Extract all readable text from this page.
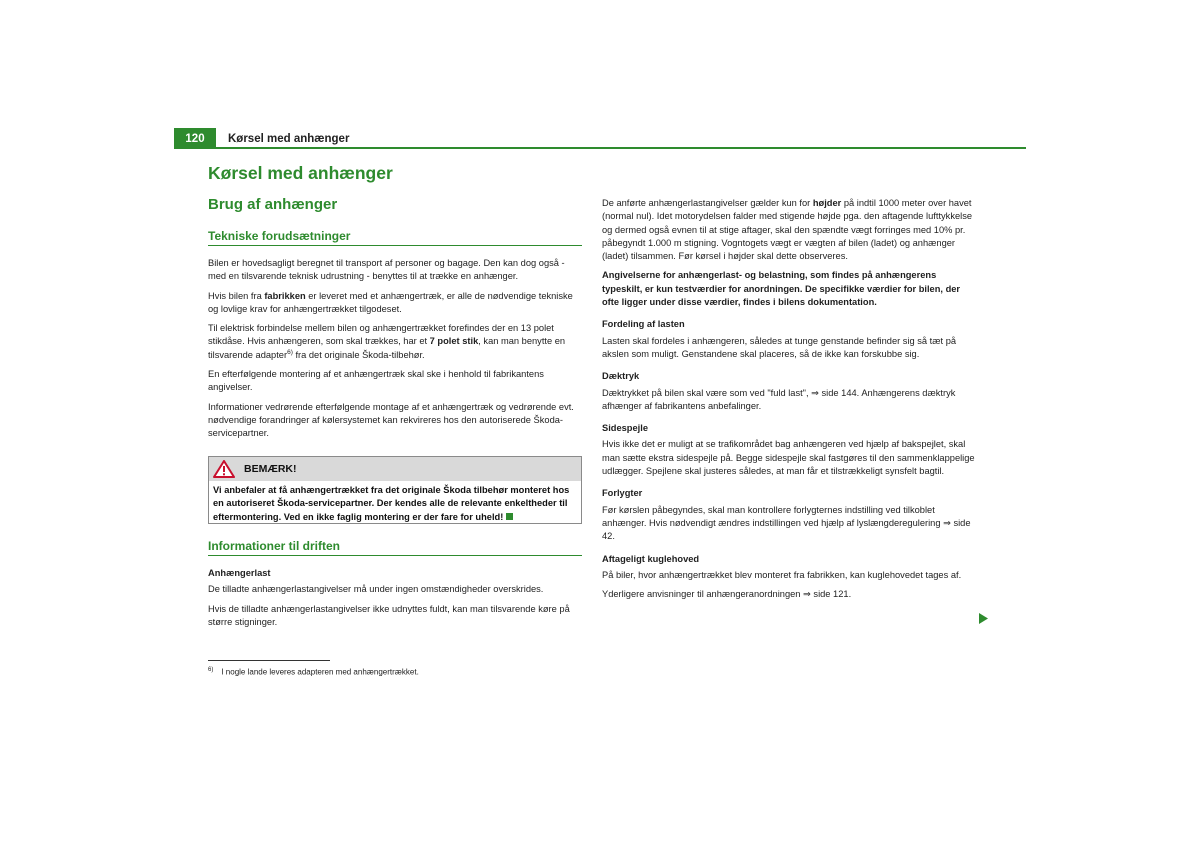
120	Kørsel med anhænger
Kørsel med anhænger
Brug af anhænger
Tekniske forudsætninger

Bilen er hovedsagligt beregnet til transport af personer og bagage. Den kan dog også - med en tilsvarende teknisk udrustning - benyttes til at trække en anhænger.

Hvis bilen fra fabrikken er leveret med et anhængertræk, er alle de nødvendige tekniske og lovlige krav for anhængertrækket tilgodeset.

Til elektrisk forbindelse mellem bilen og anhængertrækket forefindes der en 13 polet stikdåse. Hvis anhængeren, som skal trækkes, har et 7 polet stik, kan man benytte en tilsvarende adapter$^{6)}$ fra det originale Škoda-tilbehør.

En efterfølgende montering af et anhængertræk skal ske i henhold til fabrikantens angivelser.

Informationer vedrørende efterfølgende montage af et anhængertræk og vedrørende evt. nødvendige forandringer af kølersystemet kan rekvireres hos den autoriserede Škoda-servicepartner.

BEMÆRK!
Vi anbefaler at få anhængertrækket fra det originale Škoda tilbehør monteret hos en autoriseret Škoda-servicepartner. Der kendes alle de relevante enkeltheder til eftermontering. Ved en ikke faglig montering er der fare for uheld!
Informationer til driften

Anhængerlast

De tilladte anhængerlastangivelser må under ingen omstændigheder overskrides.

Hvis de tilladte anhængerlastangivelser ikke udnyttes fuldt, kan man tilsvarende køre på større stigninger.

De anførte anhængerlastangivelser gælder kun for højder på indtil 1000 meter over havet (normal nul). Idet motorydelsen falder med stigende højde pga. den aftagende lufttykkelse og dermed også evnen til at stige aftager, skal den spændte vægt forringes med 10% pr. påbegyndt 1.000 m stigning. Vogntogets vægt er vægten af bilen (ladet) og anhænger (ladet) tilsammen. Før kørsel i højder skal dette observeres.

Angivelserne for anhængerlast- og belastning, som findes på anhængerens typeskilt, er kun testværdier for anordningen. De specifikke værdier for bilen, der ofte ligger under disse værdier, findes i bilens dokumentation.

Fordeling af lasten

Lasten skal fordeles i anhængeren, således at tunge genstande befinder sig så tæt på akslen som muligt. Genstandene skal placeres, så de ikke kan forskubbe sig.

Dæktryk

Dæktrykket på bilen skal være som ved "fuld last", ⇒ side 144. Anhængerens dæktryk afhænger af fabrikantens anbefalinger.

Sidespejle

Hvis ikke det er muligt at se trafikområdet bag anhængeren ved hjælp af bakspejlet, skal man sætte ekstra sidespejle på. Begge sidespejle skal fastgøres til den sammenklappelige udlægger. Spejlene skal justeres således, at man får et tilstrækkeligt synsfelt bagtil.

Forlygter

Før kørslen påbegyndes, skal man kontrollere forlygternes indstilling ved tilkoblet anhænger. Hvis nødvendigt ændres indstillingen ved hjælp af lyslængderegulering ⇒ side 42.

Aftageligt kuglehoved

På biler, hvor anhængertrækket blev monteret fra fabrikken, kan kuglehovedet tages af.

Yderligere anvisninger til anhængeranordningen ⇒ side 121.

$^{6)}$ I nogle lande leveres adapteren med anhængertrækket.
